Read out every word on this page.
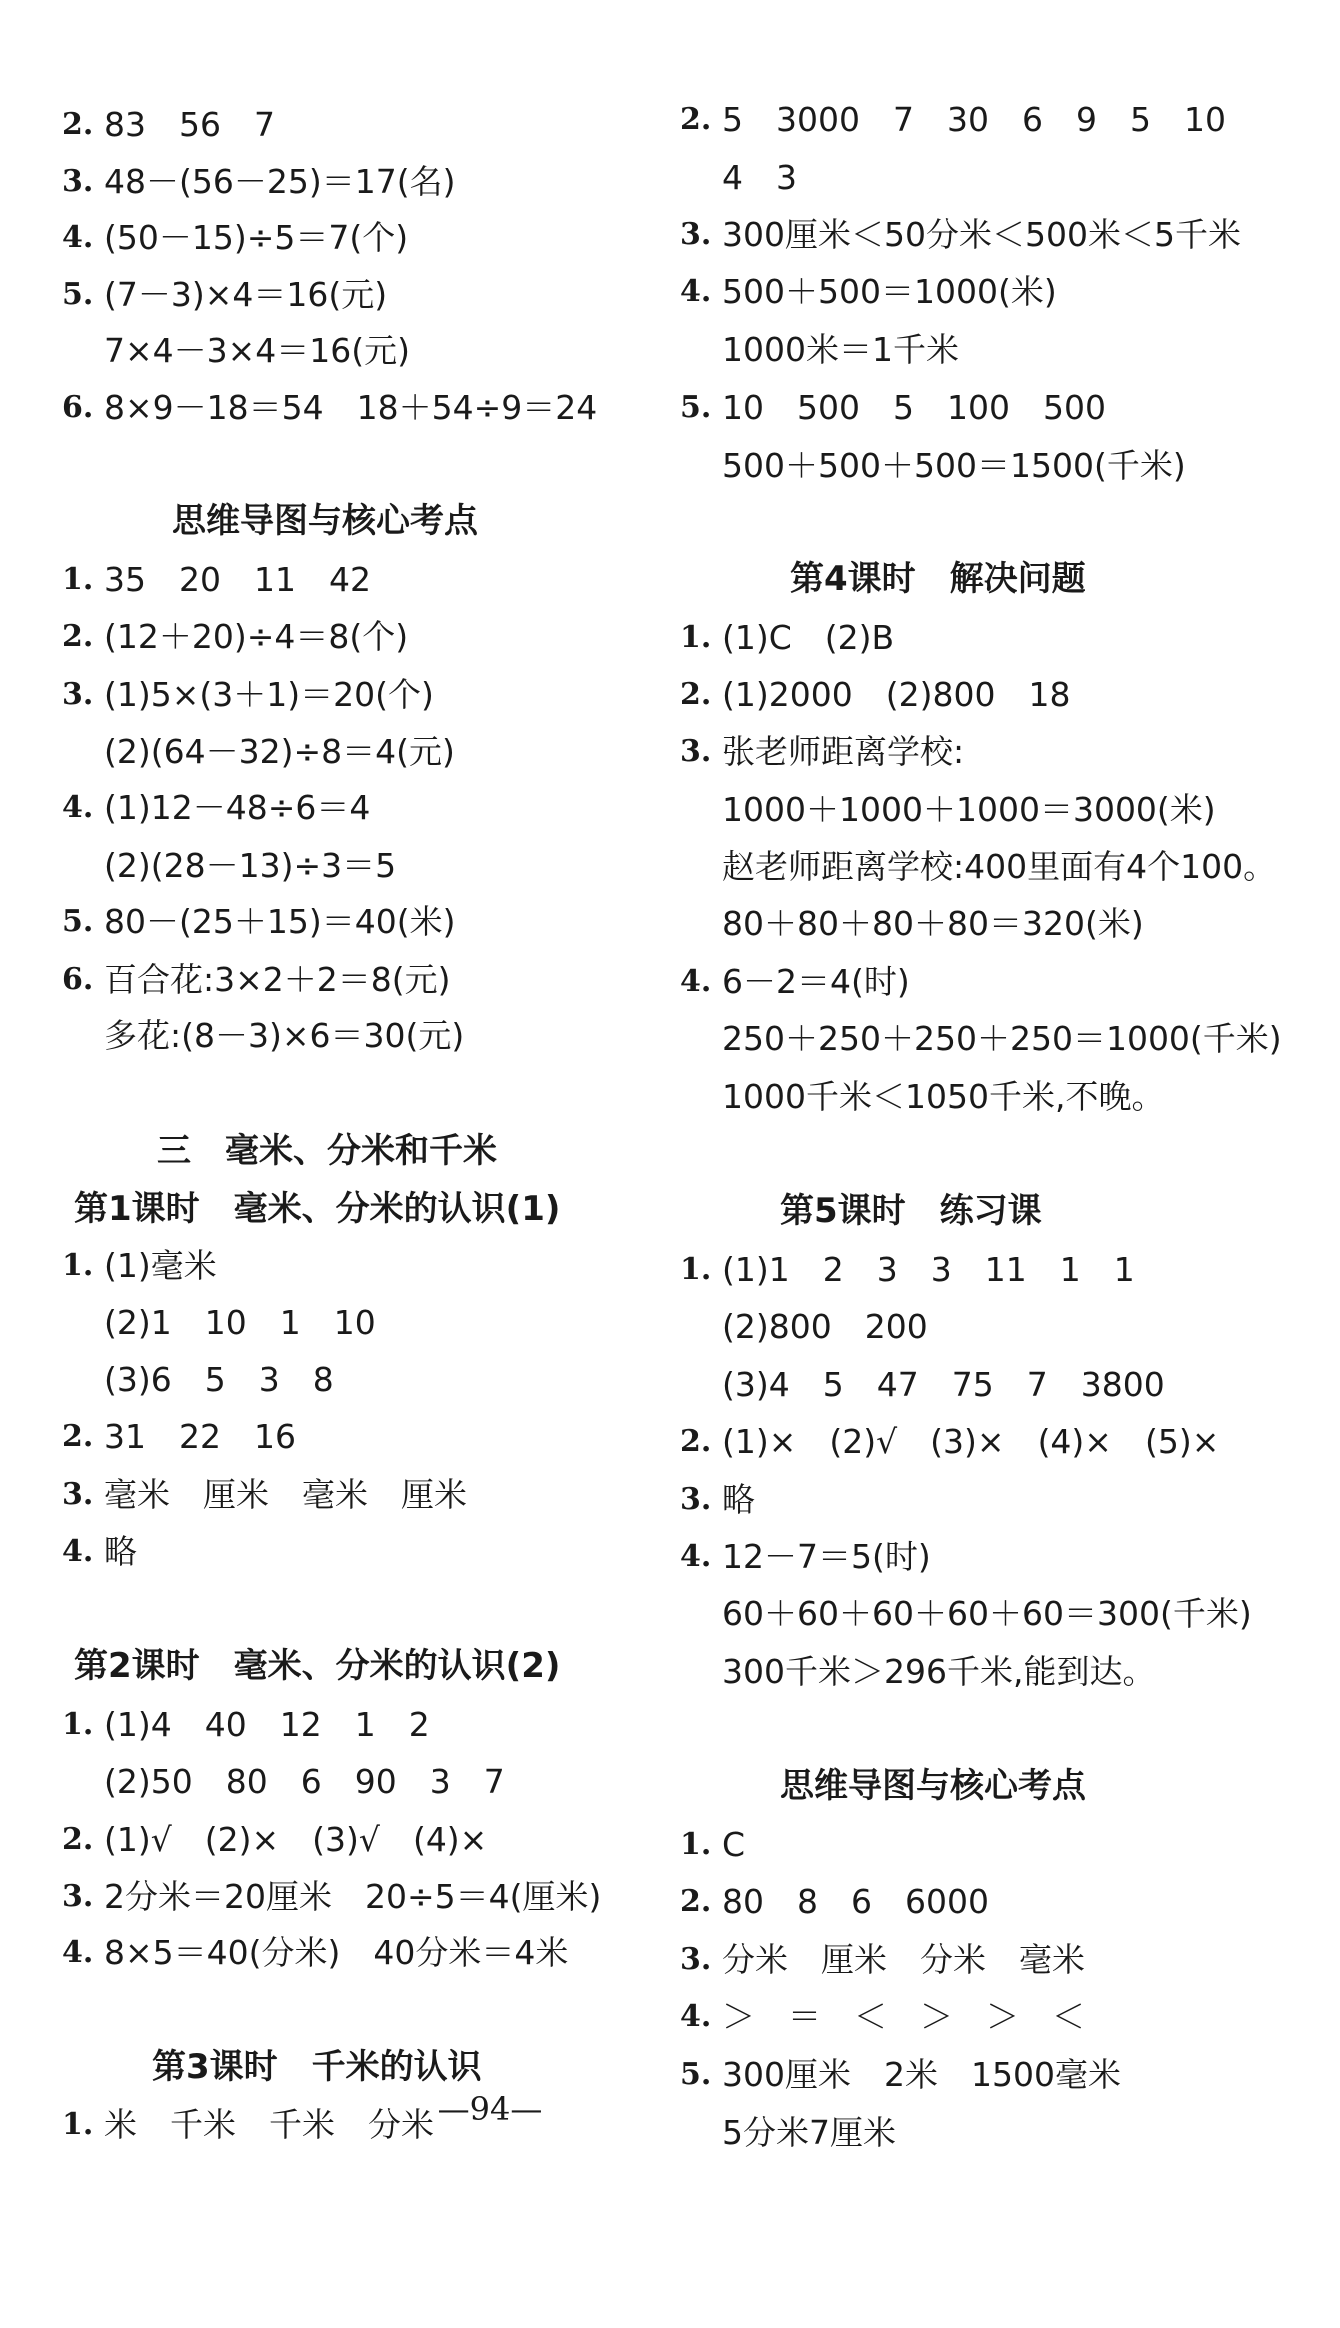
2. 83　56　7
3. 48－(56－25)＝17(名)
4. (50－15)÷5＝7(个)
5. (7－3)×4＝16(元)
7×4－3×4＝16(元)
6. 8×9－18＝54　18＋54÷9＝24
思维导图与核心考点
1. 35　20　11　42
2. (12＋20)÷4＝8(个)
3. (1)5×(3＋1)＝20(个)
(2)(64－32)÷8＝4(元)
4. (1)12－48÷6＝4
(2)(28－13)÷3＝5
5. 80－(25＋15)＝40(米)
6. 百合花:3×2＋2＝8(元)
多花:(8－3)×6＝30(元)
三　毫米、分米和千米
第1课时　毫米、分米的认识(1)
1. (1)毫米
(2)1　10　1　10
(3)6　5　3　8
2. 31　22　16
3. 毫米　厘米　毫米　厘米
4. 略
第2课时　毫米、分米的认识(2)
1. (1)4　40　12　1　2
(2)50　80　6　90　3　7
2. (1)√　(2)×　(3)√　(4)×
3. 2分米＝20厘米　20÷5＝4(厘米)
4. 8×5＝40(分米)　40分米＝4米
第3课时　千米的认识
1. 米　千米　千米　分米
2. 5　3000　7　30　6　9　5　10
4　3
3. 300厘米＜50分米＜500米＜5千米
4. 500＋500＝1000(米)
1000米＝1千米
5. 10　500　5　100　500
500＋500＋500＝1500(千米)
第4课时　解决问题
1. (1)C　(2)B
2. (1)2000　(2)800　18
3. 张老师距离学校:
1000＋1000＋1000＝3000(米)
赵老师距离学校:400里面有4个100。
80＋80＋80＋80＝320(米)
4. 6－2＝4(时)
250＋250＋250＋250＝1000(千米)
1000千米＜1050千米,不晚。
第5课时　练习课
1. (1)1　2　3　3　11　1　1
(2)800　200
(3)4　5　47　75　7　3800
2. (1)×　(2)√　(3)×　(4)×　(5)×
3. 略
4. 12－7＝5(时)
60＋60＋60＋60＋60＝300(千米)
300千米＞296千米,能到达。
思维导图与核心考点
1. C
2. 80　8　6　6000
3. 分米　厘米　分米　毫米
4. ＞　＝　＜　＞　＞　＜
5. 300厘米　2米　1500毫米
5分米7厘米
—94—
